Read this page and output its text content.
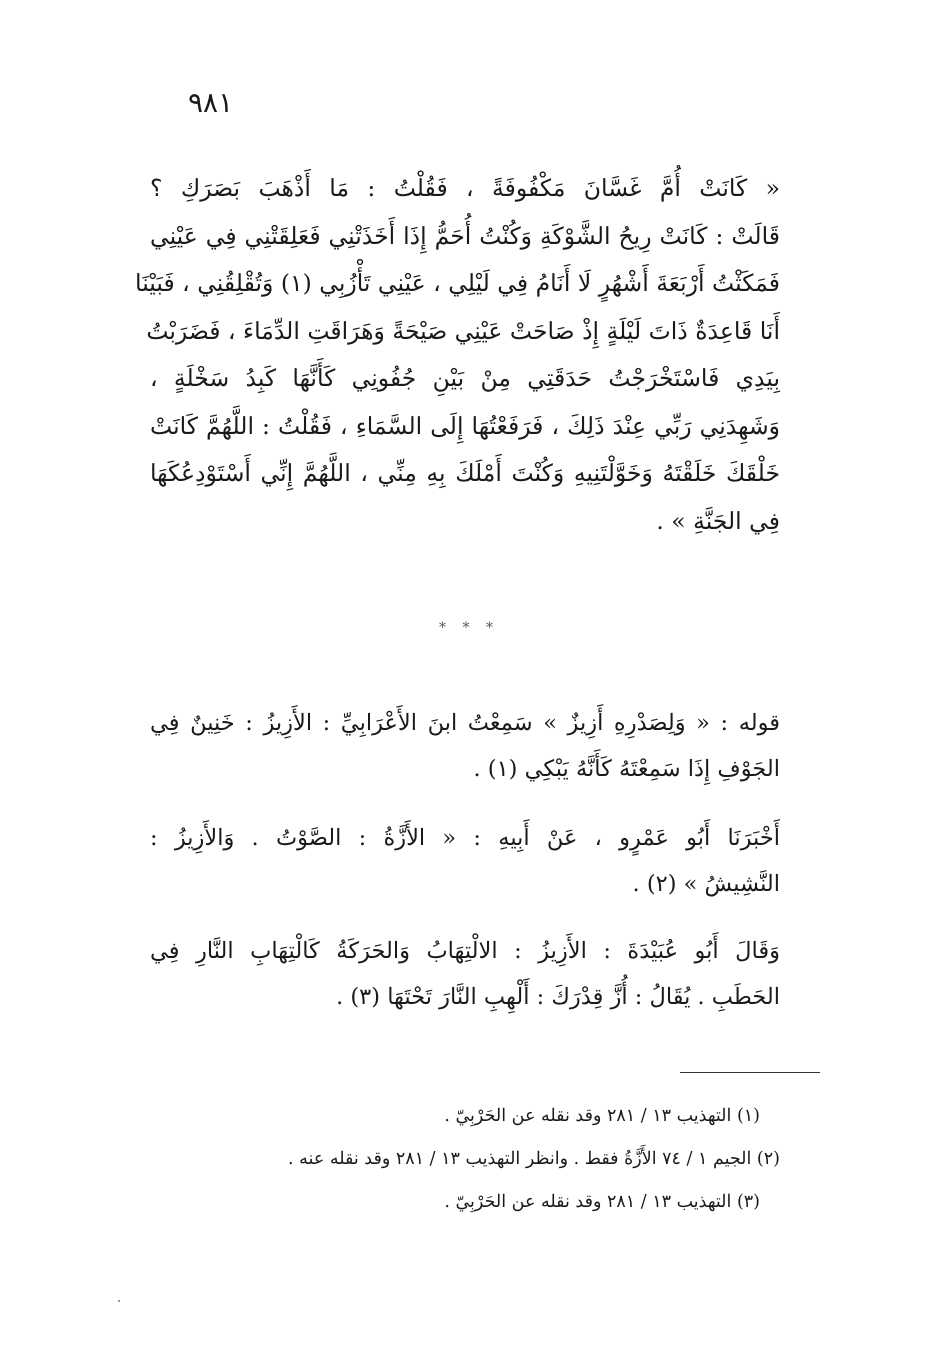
٩٨١
« كَانَتْ أُمَّ غَسَّانَ مَكْفُوفَةً ، فَقُلْتُ : مَا أَذْهَبَ بَصَرَكِ ؟
قَالَتْ : كَانَتْ رِيحُ الشَّوْكَةِ وَكُنْتُ أُحَمُّ إِذَا أَخَذَتْنِي فَعَلِقَتْنِي فِي عَيْنِي
فَمَكَثْتُ أَرْبَعَةَ أَشْهُرٍ لَا أَنَامُ فِي لَيْلِي ، عَيْنِي تَأْزُبِي (١) وَتُقْلِقُنِي ، فَبَيْنَا
أَنَا قَاعِدَةٌ ذَاتَ لَيْلَةٍ إِذْ صَاحَتْ عَيْنِي صَيْحَةً وَهَرَاقَتِ الدِّمَاءَ ، فَضَرَبْتُ
بِيَدِي فَاسْتَخْرَجْتُ حَدَقَتِي مِنْ بَيْنِ جُفُونِي كَأَنَّهَا كَبِدُ سَخْلَةٍ ،
وَشَهِدَنِي رَبِّي عِنْدَ ذَلِكَ ، فَرَفَعْتُهَا إِلَى السَّمَاءِ ، فَقُلْتُ : اللَّهُمَّ كَانَتْ
خَلْقَكَ خَلَقْتَهُ وَخَوَّلْتَنِيهِ وَكُنْتَ أَمْلَكَ بِهِ مِنِّي ، اللَّهُمَّ إِنِّي أَسْتَوْدِعُكَهَا
فِي الجَنَّةِ » .
* * *
قوله : « وَلِصَدْرِهِ أَزِيزٌ » سَمِعْتُ ابنَ الأَعْرَابِيِّ : الأَزِيزُ : خَنِينٌ فِي
الجَوْفِ إِذَا سَمِعْتَهُ كَأَنَّهُ يَبْكِي (١) .
أَخْبَرَنَا أَبُو عَمْرٍو ، عَنْ أَبِيهِ : « الأَزَّةُ : الصَّوْتُ . وَالأَزِيزُ :
النَّشِيشُ » (٢) .
وَقَالَ أَبُو عُبَيْدَةَ : الأَزِيزُ : الالْتِهَابُ وَالحَرَكَةُ كَالْتِهَابِ النَّارِ فِي
الحَطَبِ . يُقَالُ : أُزَّ قِدْرَكَ : أَلْهِبِ النَّارَ تَحْتَهَا (٣) .
(١) التهذيب ١٣ / ٢٨١ وقد نقله عن الحَرْبِيّ .
(٢) الجيم ١ / ٧٤ الأَزَّةُ فقط . وانظر التهذيب ١٣ / ٢٨١ وقد نقله عنه .
(٣) التهذيب ١٣ / ٢٨١ وقد نقله عن الحَرْبِيّ .
